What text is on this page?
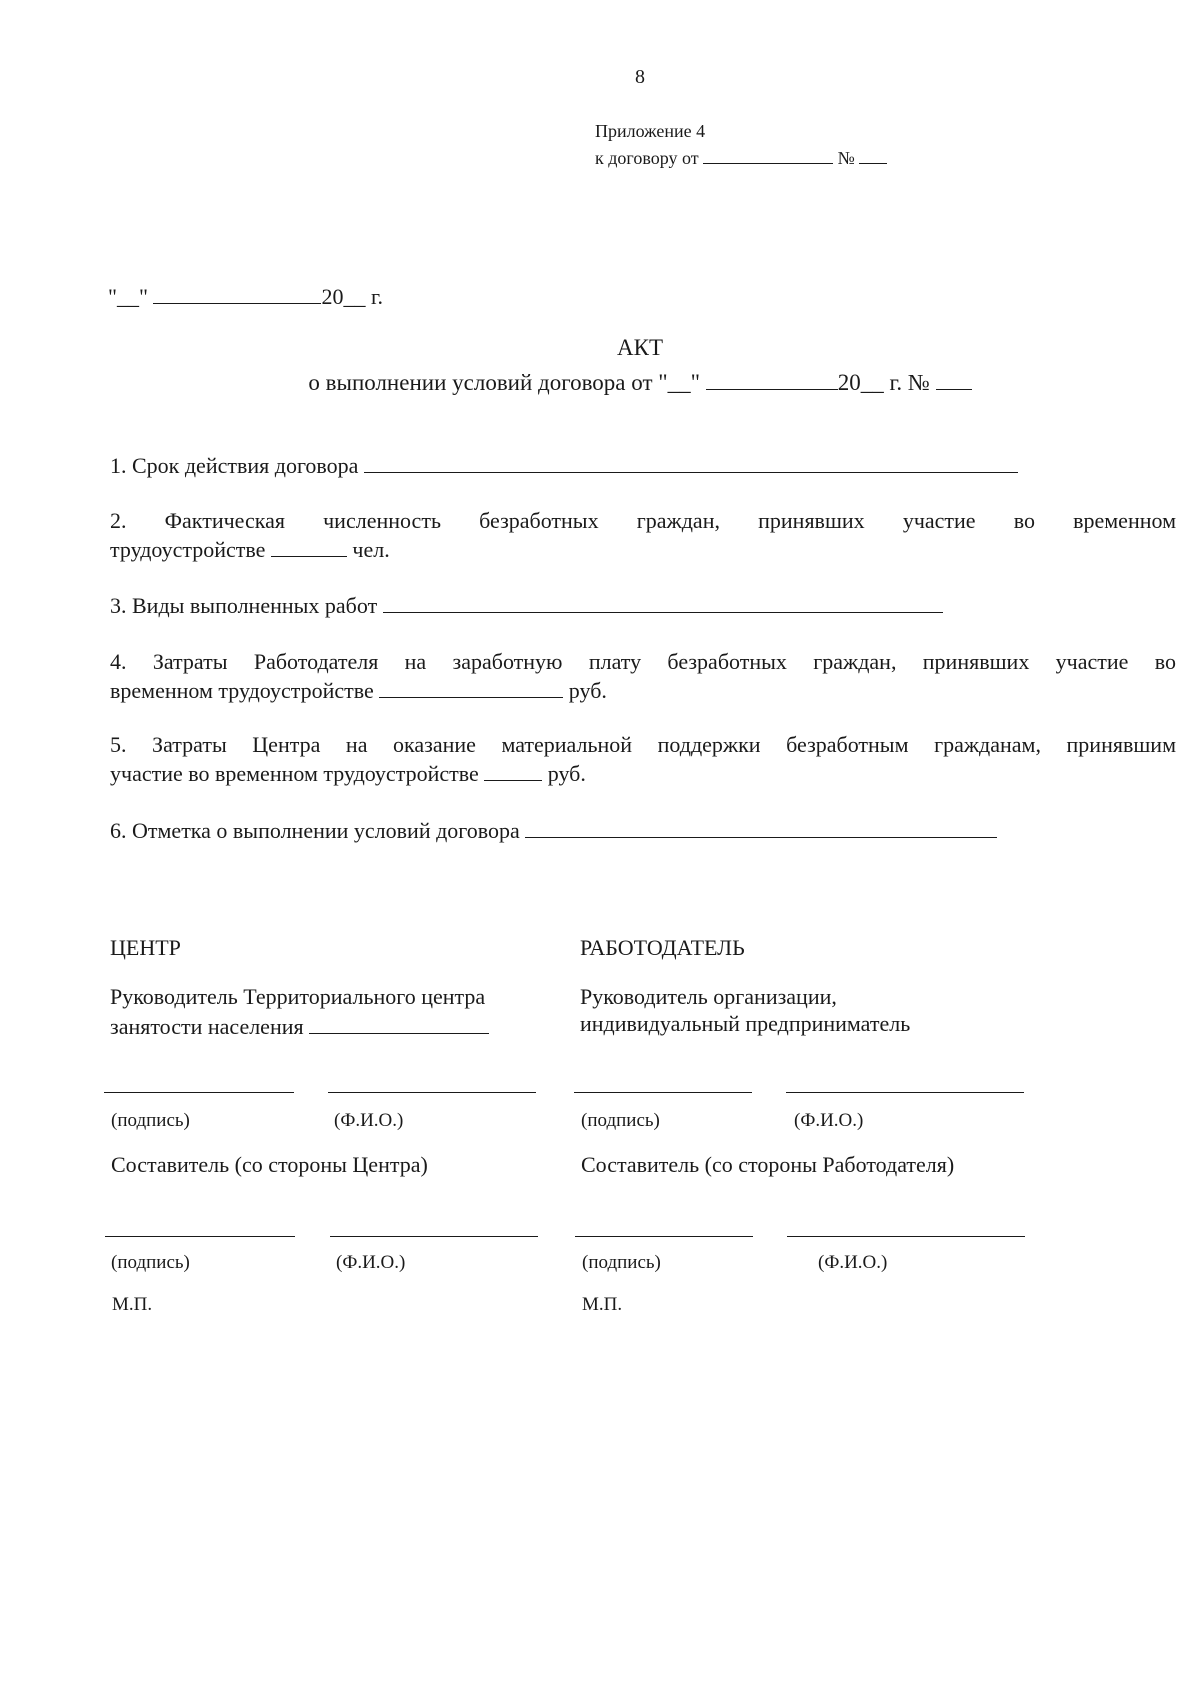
8
Приложение 4
к договору от	№
"__"	20__ г.
АКТ
о выполнении условий договора от "__"	20__ г. №
1. Срок действия договора
2. Фактическая численность безработных граждан, принявших участие во временном
трудоустройстве	чел.
3. Виды выполненных работ
4. Затраты Работодателя на заработную плату безработных граждан, принявших участие во
временном трудоустройстве	руб.
5. Затраты Центра на оказание материальной поддержки безработным гражданам, принявшим
участие во временном трудоустройстве	руб.
6. Отметка о выполнении условий договора
ЦЕНТР
Руководитель Территориального центра
занятости населения
(подпись)	(Ф.И.О.)
Составитель (со стороны Центра)
(подпись)	(Ф.И.О.)
М.П.
РАБОТОДАТЕЛЬ
Руководитель организации,
индивидуальный предприниматель
(подпись)	(Ф.И.О.)
Составитель (со стороны Работодателя)
(подпись)	(Ф.И.О.)
М.П.
